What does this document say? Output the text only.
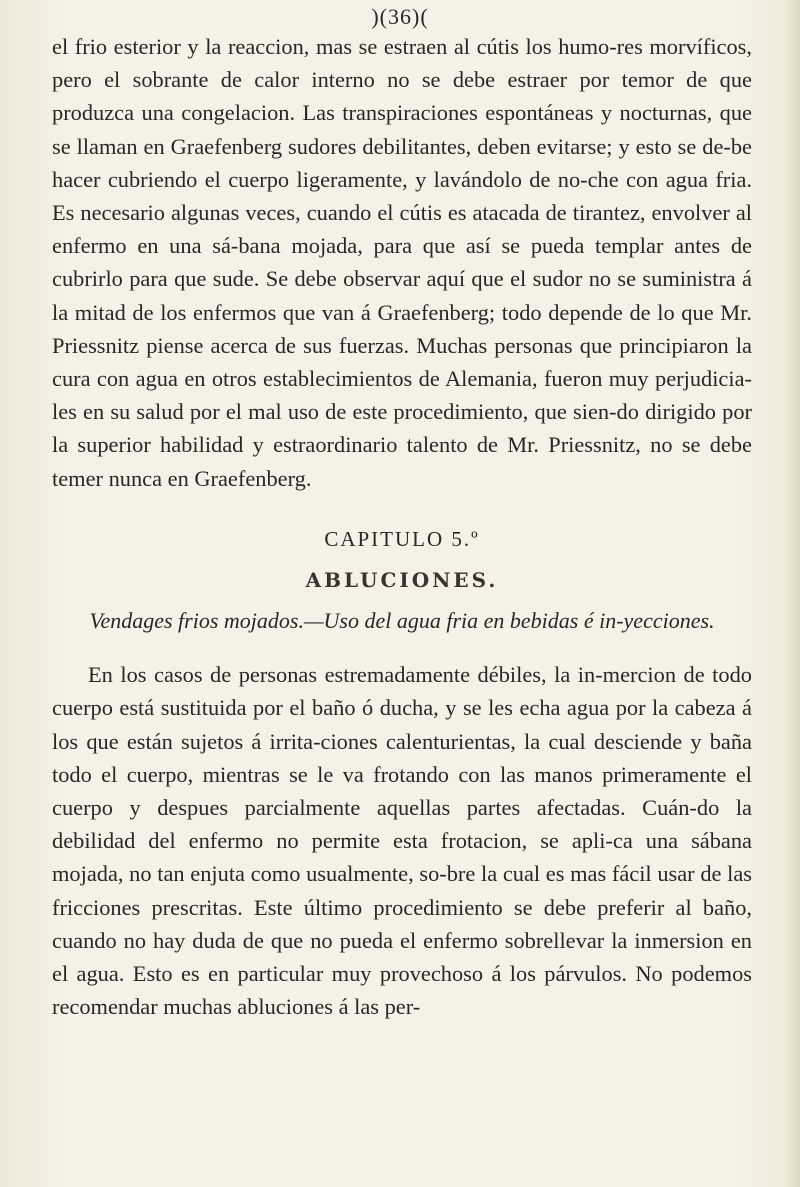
)(36)(

el frio esterior y la reaccion, mas se estraen al cútis los humo-res morvíficos, pero el sobrante de calor interno no se debe estraer por temor de que produzca una congelacion. Las transpiraciones espontáneas y nocturnas, que se llaman en Graefenberg sudores debilitantes, deben evitarse; y esto se de-be hacer cubriendo el cuerpo ligeramente, y lavándolo de no-che con agua fria. Es necesario algunas veces, cuando el cútis es atacada de tirantez, envolver al enfermo en una sá-bana mojada, para que así se pueda templar antes de cubrirlo para que sude. Se debe observar aquí que el sudor no se suministra á la mitad de los enfermos que van á Graefenberg; todo depende de lo que Mr. Priessnitz piense acerca de sus fuerzas. Muchas personas que principiaron la cura con agua en otros establecimientos de Alemania, fueron muy perjudicia-les en su salud por el mal uso de este procedimiento, que sien-do dirigido por la superior habilidad y estraordinario talento de Mr. Priessnitz, no se debe temer nunca en Graefenberg.

CAPITULO 5.º
ABLUCIONES.

Vendages frios mojados.—Uso del agua fria en bebidas é in-yecciones.

En los casos de personas estremadamente débiles, la in-mercion de todo cuerpo está sustituida por el baño ó ducha, y se les echa agua por la cabeza á los que están sujetos á irrita-ciones calenturientas, la cual desciende y baña todo el cuerpo, mientras se le va frotando con las manos primeramente el cuerpo y despues parcialmente aquellas partes afectadas. Cuán-do la debilidad del enfermo no permite esta frotacion, se apli-ca una sábana mojada, no tan enjuta como usualmente, so-bre la cual es mas fácil usar de las fricciones prescritas. Este último procedimiento se debe preferir al baño, cuando no hay duda de que no pueda el enfermo sobrellevar la inmersion en el agua. Esto es en particular muy provechoso á los párvulos. No podemos recomendar muchas abluciones á las per-
